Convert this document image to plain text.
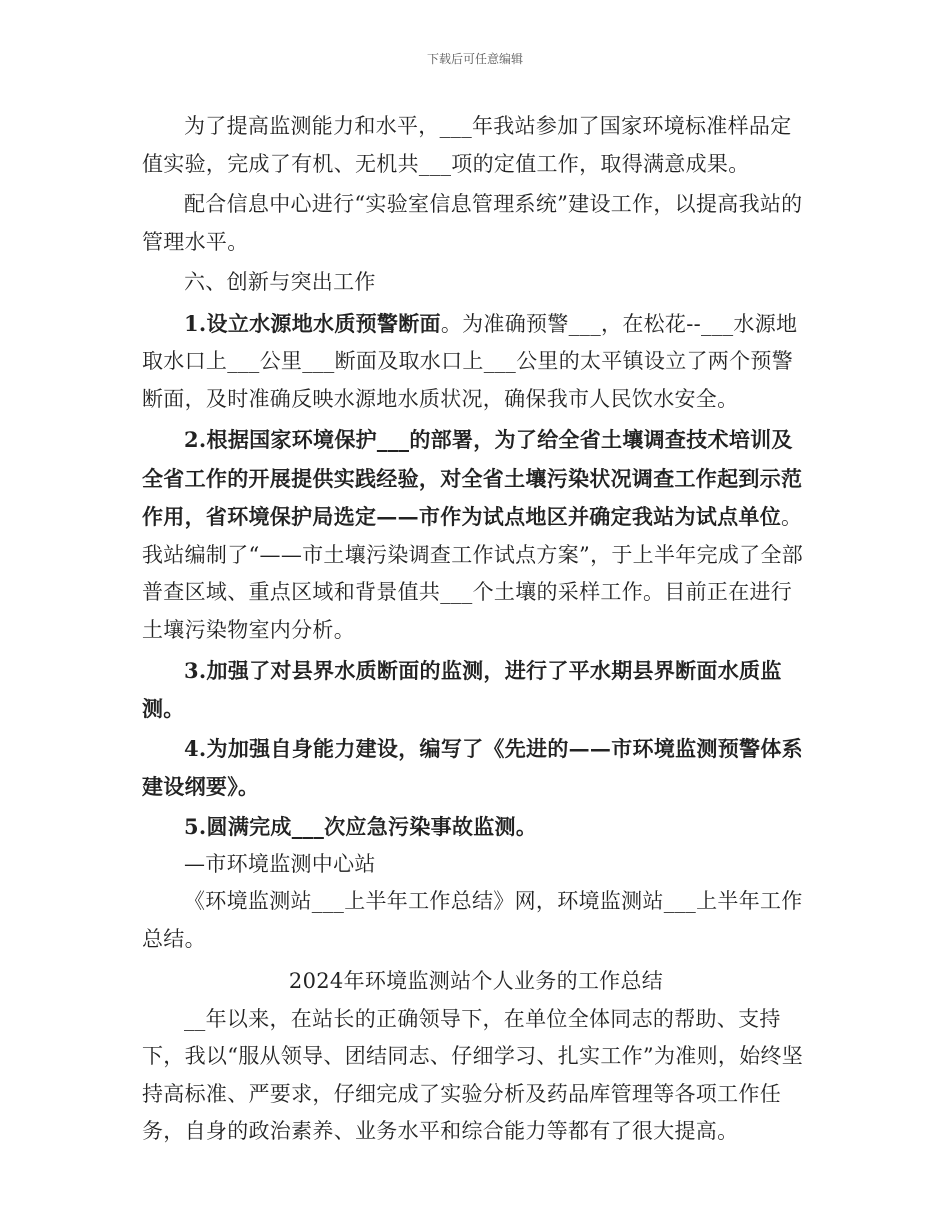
下载后可任意编辑

为了提高监测能力和水平，___年我站参加了国家环境标准样品定值实验，完成了有机、无机共___项的定值工作，取得满意成果。

配合信息中心进行“实验室信息管理系统”建设工作，以提高我站的管理水平。

六、创新与突出工作

1.设立水源地水质预警断面。为准确预警___，在松花--___水源地取水口上___公里___断面及取水口上___公里的太平镇设立了两个预警断面，及时准确反映水源地水质状况，确保我市人民饮水安全。

2.根据国家环境保护___的部署，为了给全省土壤调查技术培训及全省工作的开展提供实践经验，对全省土壤污染状况调查工作起到示范作用，省环境保护局选定——市作为试点地区并确定我站为试点单位。我站编制了“——市土壤污染调查工作试点方案”，于上半年完成了全部普查区域、重点区域和背景值共___个土壤的采样工作。目前正在进行土壤污染物室内分析。

3.加强了对县界水质断面的监测，进行了平水期县界断面水质监测。

4.为加强自身能力建设，编写了《先进的——市环境监测预警体系建设纲要》。

5.圆满完成___次应急污染事故监测。

—市环境监测中心站

《环境监测站___上半年工作总结》网，环境监测站___上半年工作总结。

2024年环境监测站个人业务的工作总结

__年以来，在站长的正确领导下，在单位全体同志的帮助、支持下，我以“服从领导、团结同志、仔细学习、扎实工作”为准则，始终坚持高标准、严要求，仔细完成了实验分析及药品库管理等各项工作任务，自身的政治素养、业务水平和综合能力等都有了很大提高。
